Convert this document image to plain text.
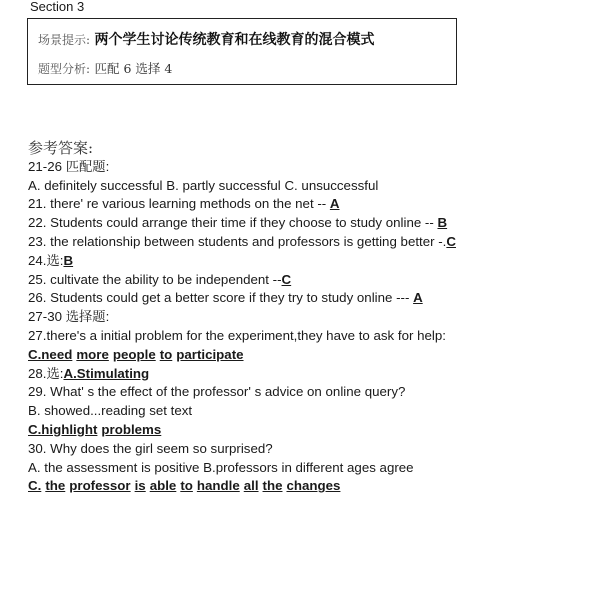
Section 3
场景提示: 两个学生讨论传统教育和在线教育的混合模式
题型分析: 匹配 6 选择 4

参考答案:

21-26 匹配题:

A. definitely successful B. partly successful C. unsuccessful

21. there' re various learning methods on the net -- A

22. Students could arrange their time if they choose to study online -- B

23. the relationship between students and professors is getting better -.C

24.选:B

25. cultivate the ability to be independent --C

26. Students could get a better score if they try to study online --- A

27-30 选择题:

27.there's a initial problem for the experiment,they have to ask for help:

C.need more people to participate

28.选:A.Stimulating

29. What' s the effect of the professor' s advice on online query?

B. showed...reading set text

C.highlight problems

30. Why does the girl seem so surprised?

A. the assessment is positive B.professors in different ages agree

C. the professor is able to handle all the changes
